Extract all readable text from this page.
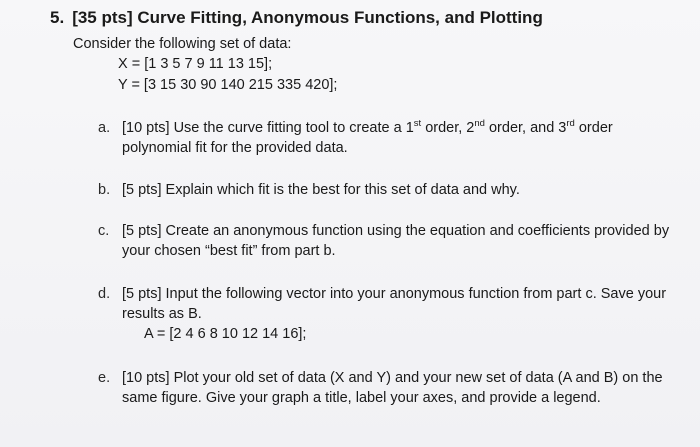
5. [35 pts] Curve Fitting, Anonymous Functions, and Plotting
Consider the following set of data:
X = [1 3 5 7 9 11 13 15];
Y = [3 15 30 90 140 215 335 420];
a. [10 pts] Use the curve fitting tool to create a 1st order, 2nd order, and 3rd order polynomial fit for the provided data.
b. [5 pts] Explain which fit is the best for this set of data and why.
c. [5 pts] Create an anonymous function using the equation and coefficients provided by your chosen “best fit” from part b.
d. [5 pts] Input the following vector into your anonymous function from part c. Save your results as B.
A = [2 4 6 8 10 12 14 16];
e. [10 pts] Plot your old set of data (X and Y) and your new set of data (A and B) on the same figure. Give your graph a title, label your axes, and provide a legend.
